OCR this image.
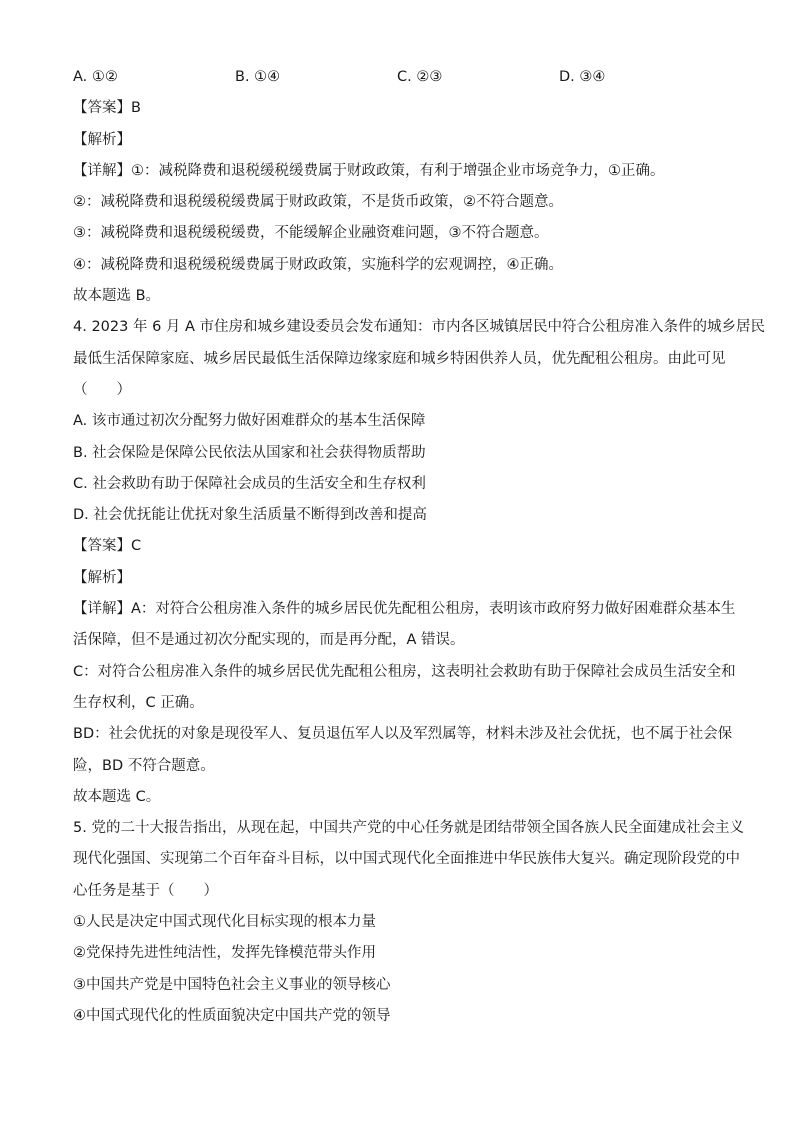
A. ①②	B. ①④	C. ②③	D. ③④
【答案】B
【解析】
【详解】①：减税降费和退税缓税缓费属于财政政策，有利于增强企业市场竞争力，①正确。
②：减税降费和退税缓税缓费属于财政政策，不是货币政策，②不符合题意。
③：减税降费和退税缓税缓费，不能缓解企业融资难问题，③不符合题意。
④：减税降费和退税缓税缓费属于财政政策，实施科学的宏观调控，④正确。
故本题选 B。
4. 2023 年 6 月 A 市住房和城乡建设委员会发布通知：市内各区城镇居民中符合公租房准入条件的城乡居民
最低生活保障家庭、城乡居民最低生活保障边缘家庭和城乡特困供养人员，优先配租公租房。由此可见
（　　）
A. 该市通过初次分配努力做好困难群众的基本生活保障
B. 社会保险是保障公民依法从国家和社会获得物质帮助
C. 社会救助有助于保障社会成员的生活安全和生存权利
D. 社会优抚能让优抚对象生活质量不断得到改善和提高
【答案】C
【解析】
【详解】A：对符合公租房准入条件的城乡居民优先配租公租房，表明该市政府努力做好困难群众基本生
活保障，但不是通过初次分配实现的，而是再分配，A 错误。
C：对符合公租房准入条件的城乡居民优先配租公租房，这表明社会救助有助于保障社会成员生活安全和
生存权利，C 正确。
BD：社会优抚的对象是现役军人、复员退伍军人以及军烈属等，材料未涉及社会优抚，也不属于社会保
险，BD 不符合题意。
故本题选 C。
5. 党的二十大报告指出，从现在起，中国共产党的中心任务就是团结带领全国各族人民全面建成社会主义
现代化强国、实现第二个百年奋斗目标，以中国式现代化全面推进中华民族伟大复兴。确定现阶段党的中
心任务是基于（　　）
①人民是决定中国式现代化目标实现的根本力量
②党保持先进性纯洁性，发挥先锋模范带头作用
③中国共产党是中国特色社会主义事业的领导核心
④中国式现代化的性质面貌决定中国共产党的领导
